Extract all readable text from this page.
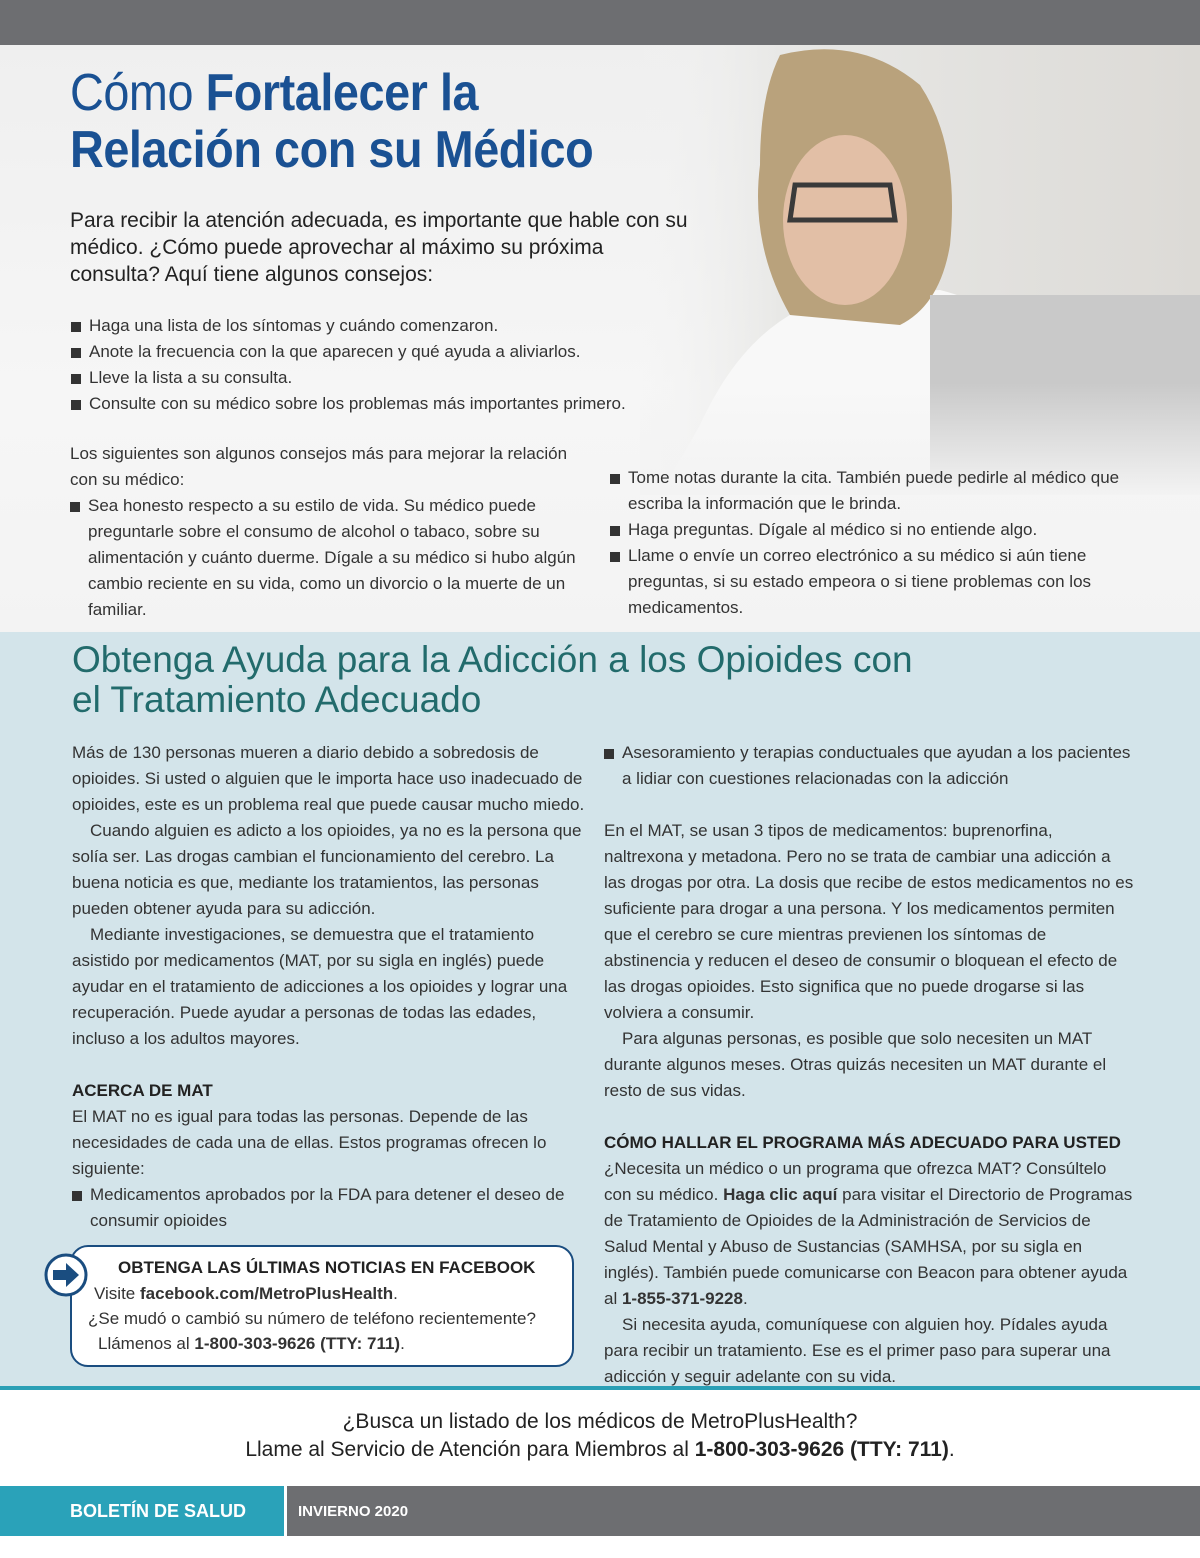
Cómo Fortalecer la
Relación con su Médico

Para recibir la atención adecuada, es importante que hable con su médico. ¿Cómo puede aprovechar al máximo su próxima consulta? Aquí tiene algunos consejos:

Haga una lista de los síntomas y cuándo comenzaron.
Anote la frecuencia con la que aparecen y qué ayuda a aliviarlos.
Lleve la lista a su consulta.
Consulte con su médico sobre los problemas más importantes primero.

Los siguientes son algunos consejos más para mejorar la relación con su médico:

Sea honesto respecto a su estilo de vida. Su médico puede preguntarle sobre el consumo de alcohol o tabaco, sobre su alimentación y cuánto duerme. Dígale a su médico si hubo algún cambio reciente en su vida, como un divorcio o la muerte de un familiar.
Tome notas durante la cita. También puede pedirle al médico que escriba la información que le brinda.
Haga preguntas. Dígale al médico si no entiende algo.
Llame o envíe un correo electrónico a su médico si aún tiene preguntas, si su estado empeora o si tiene problemas con los medicamentos.
Obtenga Ayuda para la Adicción a los Opioides con
el Tratamiento Adecuado

Más de 130 personas mueren a diario debido a sobredosis de opioides. Si usted o alguien que le importa hace uso inadecuado de opioides, este es un problema real que puede causar mucho miedo.

Cuando alguien es adicto a los opioides, ya no es la persona que solía ser. Las drogas cambian el funcionamiento del cerebro. La buena noticia es que, mediante los tratamientos, las personas pueden obtener ayuda para su adicción.

Mediante investigaciones, se demuestra que el tratamiento asistido por medicamentos (MAT, por su sigla en inglés) puede ayudar en el tratamiento de adicciones a los opioides y lograr una recuperación. Puede ayudar a personas de todas las edades, incluso a los adultos mayores.

ACERCA DE MAT

El MAT no es igual para todas las personas. Depende de las necesidades de cada una de ellas. Estos programas ofrecen lo siguiente:

Medicamentos aprobados por la FDA para detener el deseo de consumir opioides
Asesoramiento y terapias conductuales que ayudan a los pacientes a lidiar con cuestiones relacionadas con la adicción

En el MAT, se usan 3 tipos de medicamentos: buprenorfina, naltrexona y metadona. Pero no se trata de cambiar una adicción a las drogas por otra. La dosis que recibe de estos medicamentos no es suficiente para drogar a una persona. Y los medicamentos permiten que el cerebro se cure mientras previenen los síntomas de abstinencia y reducen el deseo de consumir o bloquean el efecto de las drogas opioides. Esto significa que no puede drogarse si las volviera a consumir.

Para algunas personas, es posible que solo necesiten un MAT durante algunos meses. Otras quizás necesiten un MAT durante el resto de sus vidas.

CÓMO HALLAR EL PROGRAMA MÁS ADECUADO PARA USTED

¿Necesita un médico o un programa que ofrezca MAT? Consúltelo con su médico. Haga clic aquí para visitar el Directorio de Programas de Tratamiento de Opioides de la Administración de Servicios de Salud Mental y Abuso de Sustancias (SAMHSA, por su sigla en inglés). También puede comunicarse con Beacon para obtener ayuda al 1-855-371-9228.

Si necesita ayuda, comuníquese con alguien hoy. Pídales ayuda para recibir un tratamiento. Ese es el primer paso para superar una adicción y seguir adelante con su vida.

OBTENGA LAS ÚLTIMAS NOTICIAS EN FACEBOOK
Visite facebook.com/MetroPlusHealth.
¿Se mudó o cambió su número de teléfono recientemente?
Llámenos al 1-800-303-9626 (TTY: 711).
¿Busca un listado de los médicos de MetroPlusHealth?
Llame al Servicio de Atención para Miembros al 1-800-303-9626 (TTY: 711).
BOLETÍN DE SALUD	INVIERNO 2020
